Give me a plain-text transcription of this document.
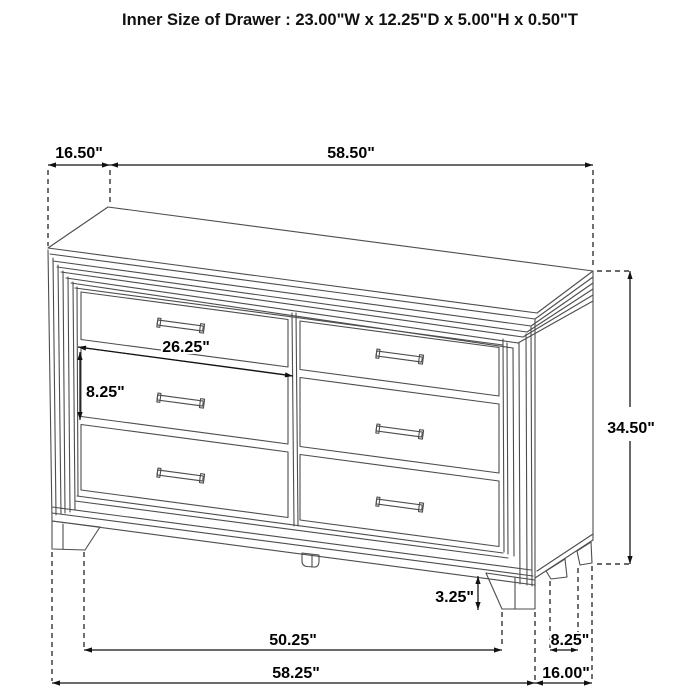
Inner Size of Drawer : 23.00"W x 12.25"D x 5.00"H x 0.50"T
16.50"	58.50"
34.50"
26.25"
8.25"
3.25"
50.25"	8.25"
58.25"	16.00"
